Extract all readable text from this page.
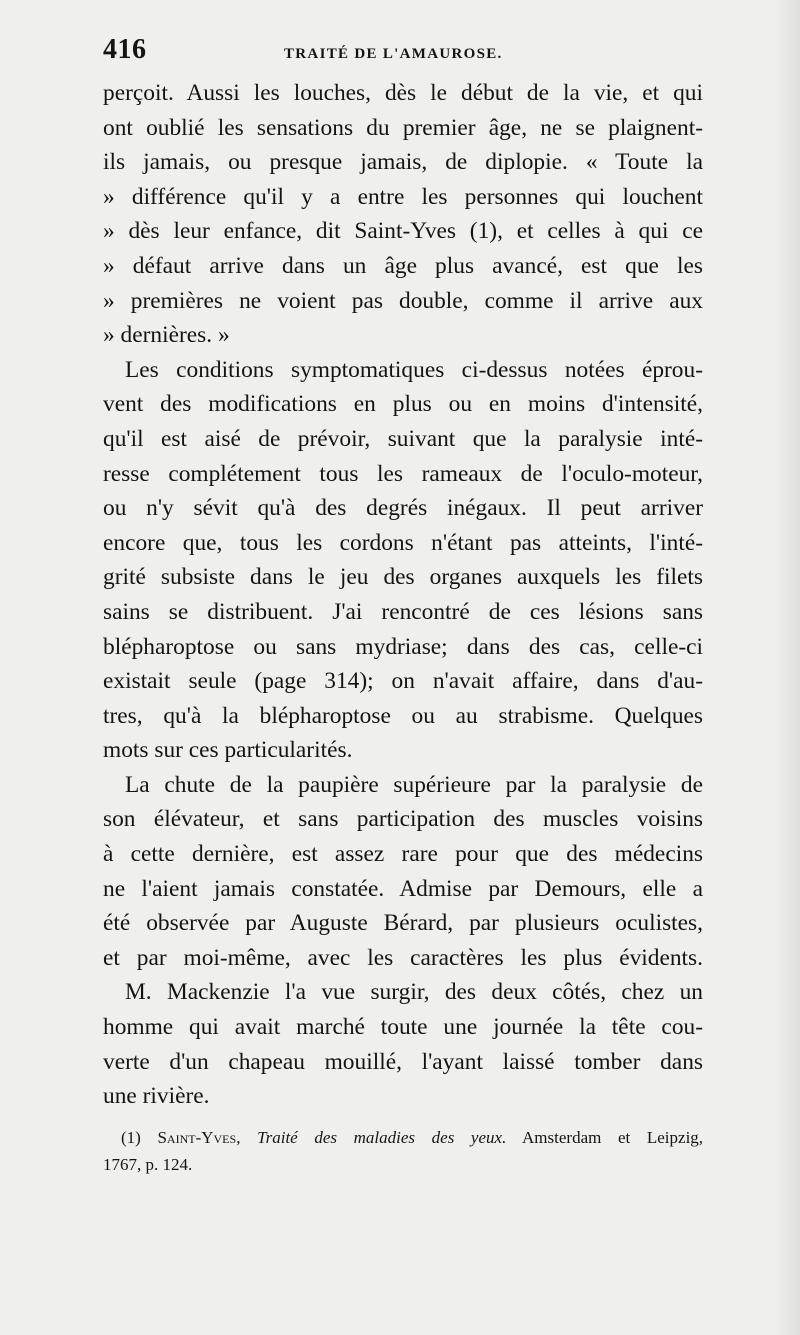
416	TRAITÉ DE L'AMAUROSE.
perçoit. Aussi les louches, dès le début de la vie, et qui
ont oublié les sensations du premier âge, ne se plaignent-
ils jamais, ou presque jamais, de diplopie. « Toute la
» différence qu'il y a entre les personnes qui louchent
» dès leur enfance, dit Saint-Yves (1), et celles à qui ce
» défaut arrive dans un âge plus avancé, est que les
» premières ne voient pas double, comme il arrive aux
» dernières. »
Les conditions symptomatiques ci-dessus notées éprou-
vent des modifications en plus ou en moins d'intensité,
qu'il est aisé de prévoir, suivant que la paralysie inté-
resse complétement tous les rameaux de l'oculo-moteur,
ou n'y sévit qu'à des degrés inégaux. Il peut arriver
encore que, tous les cordons n'étant pas atteints, l'inté-
grité subsiste dans le jeu des organes auxquels les filets
sains se distribuent. J'ai rencontré de ces lésions sans
blépharoptose ou sans mydriase; dans des cas, celle-ci
existait seule (page 314); on n'avait affaire, dans d'au-
tres, qu'à la blépharoptose ou au strabisme. Quelques
mots sur ces particularités.
La chute de la paupière supérieure par la paralysie de
son élévateur, et sans participation des muscles voisins
à cette dernière, est assez rare pour que des médecins
ne l'aient jamais constatée. Admise par Demours, elle a
été observée par Auguste Bérard, par plusieurs oculistes,
et par moi-même, avec les caractères les plus évidents.
M. Mackenzie l'a vue surgir, des deux côtés, chez un
homme qui avait marché toute une journée la tête cou-
verte d'un chapeau mouillé, l'ayant laissé tomber dans
une rivière.
(1) Saint-Yves, Traité des maladies des yeux. Amsterdam et Leipzig,
1767, p. 124.
